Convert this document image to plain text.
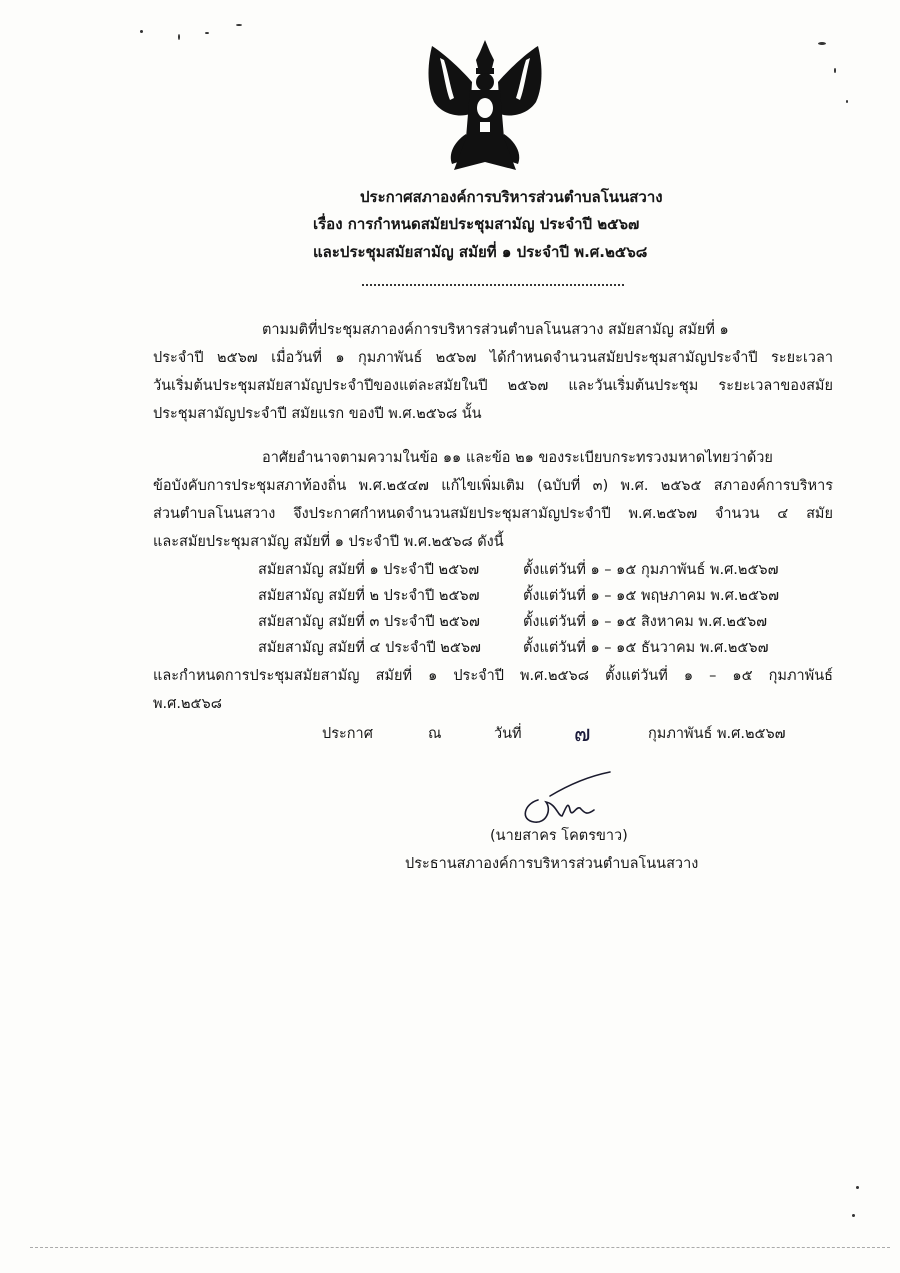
ประกาศสภาองค์การบริหารส่วนตำบลโนนสวาง
เรื่อง การกำหนดสมัยประชุมสามัญ ประจำปี ๒๕๖๗
และประชุมสมัยสามัญ สมัยที่ ๑ ประจำปี พ.ศ.๒๕๖๘
ตามมติที่ประชุมสภาองค์การบริหารส่วนตำบลโนนสวาง สมัยสามัญ สมัยที่ ๑
ประจำปี ๒๕๖๗ เมื่อวันที่ ๑ กุมภาพันธ์ ๒๕๖๗ ได้กำหนดจำนวนสมัยประชุมสามัญประจำปี ระยะเวลา
วันเริ่มต้นประชุมสมัยสามัญประจำปีของแต่ละสมัยในปี ๒๕๖๗ และวันเริ่มต้นประชุม ระยะเวลาของสมัย
ประชุมสามัญประจำปี สมัยแรก ของปี พ.ศ.๒๕๖๘ นั้น
อาศัยอำนาจตามความในข้อ ๑๑ และข้อ ๒๑ ของระเบียบกระทรวงมหาดไทยว่าด้วย
ข้อบังคับการประชุมสภาท้องถิ่น พ.ศ.๒๕๔๗ แก้ไขเพิ่มเติม (ฉบับที่ ๓) พ.ศ. ๒๕๖๕ สภาองค์การบริหาร
ส่วนตำบลโนนสวาง จึงประกาศกำหนดจำนวนสมัยประชุมสามัญประจำปี พ.ศ.๒๕๖๗ จำนวน ๔ สมัย
และสมัยประชุมสามัญ สมัยที่ ๑ ประจำปี พ.ศ.๒๕๖๘ ดังนี้
สมัยสามัญ สมัยที่ ๑ ประจำปี ๒๕๖๗	ตั้งแต่วันที่ ๑ – ๑๕ กุมภาพันธ์ พ.ศ.๒๕๖๗
สมัยสามัญ สมัยที่ ๒ ประจำปี ๒๕๖๗	ตั้งแต่วันที่ ๑ – ๑๕ พฤษภาคม พ.ศ.๒๕๖๗
สมัยสามัญ สมัยที่ ๓ ประจำปี ๒๕๖๗	ตั้งแต่วันที่ ๑ – ๑๕ สิงหาคม พ.ศ.๒๕๖๗
สมัยสามัญ สมัยที่ ๔ ประจำปี ๒๕๖๗	ตั้งแต่วันที่ ๑ – ๑๕ ธันวาคม พ.ศ.๒๕๖๗
และกำหนดการประชุมสมัยสามัญ สมัยที่ ๑ ประจำปี พ.ศ.๒๕๖๘ ตั้งแต่วันที่ ๑ – ๑๕ กุมภาพันธ์
พ.ศ.๒๕๖๘
ประกาศ	ณ	วันที่ ๗	กุมภาพันธ์ พ.ศ.๒๕๖๗
(นายสาคร โคตรขาว)
ประธานสภาองค์การบริหารส่วนตำบลโนนสวาง
